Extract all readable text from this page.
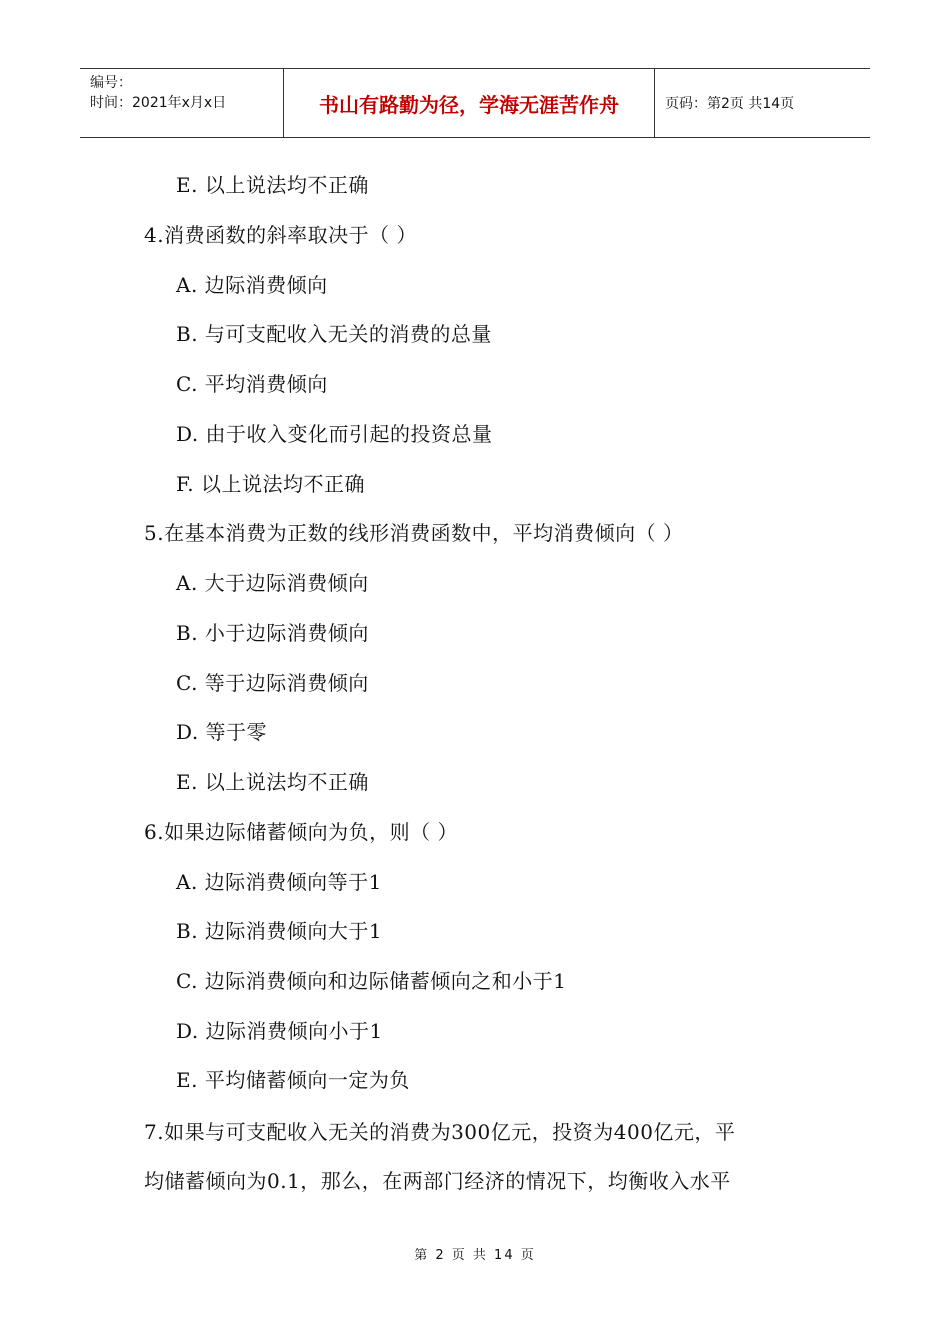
编号：
时间：2021年x月x日	书山有路勤为径，学海无涯苦作舟	页码：第2页 共14页
E. 以上说法均不正确
4.消费函数的斜率取决于（ ）
A. 边际消费倾向
B. 与可支配收入无关的消费的总量
C. 平均消费倾向
D. 由于收入变化而引起的投资总量
F. 以上说法均不正确
5.在基本消费为正数的线形消费函数中，平均消费倾向（ ）
A. 大于边际消费倾向
B. 小于边际消费倾向
C. 等于边际消费倾向
D. 等于零
E. 以上说法均不正确
6.如果边际储蓄倾向为负，则（ ）
A. 边际消费倾向等于1
B. 边际消费倾向大于1
C. 边际消费倾向和边际储蓄倾向之和小于1
D. 边际消费倾向小于1
E. 平均储蓄倾向一定为负
7.如果与可支配收入无关的消费为300亿元，投资为400亿元，平
均储蓄倾向为0.1，那么，在两部门经济的情况下，均衡收入水平
第 2 页 共 14 页
